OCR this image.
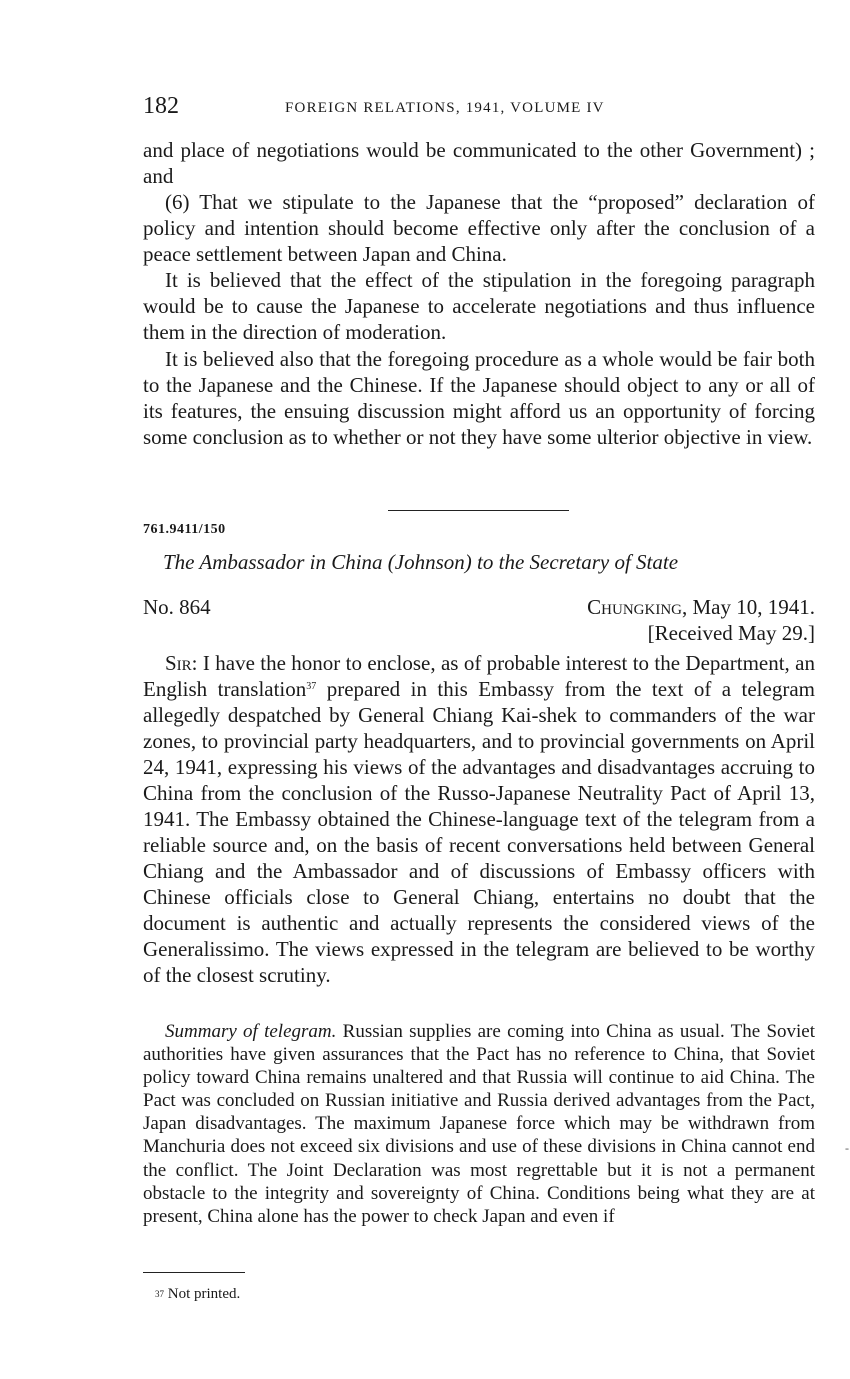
182	FOREIGN RELATIONS, 1941, VOLUME IV

and place of negotiations would be communicated to the other Government) ; and

(6) That we stipulate to the Japanese that the “proposed” declaration of policy and intention should become effective only after the conclusion of a peace settlement between Japan and China.

It is believed that the effect of the stipulation in the foregoing paragraph would be to cause the Japanese to accelerate negotiations and thus influence them in the direction of moderation.

It is believed also that the foregoing procedure as a whole would be fair both to the Japanese and the Chinese. If the Japanese should object to any or all of its features, the ensuing discussion might afford us an opportunity of forcing some conclusion as to whether or not they have some ulterior objective in view.

761.9411/150
The Ambassador in China (Johnson) to the Secretary of State
No. 864	Chungking, May 10, 1941.
[Received May 29.]

Sir: I have the honor to enclose, as of probable interest to the Department, an English translation$^{37}$ prepared in this Embassy from the text of a telegram allegedly despatched by General Chiang Kai-shek to commanders of the war zones, to provincial party headquarters, and to provincial governments on April 24, 1941, expressing his views of the advantages and disadvantages accruing to China from the conclusion of the Russo-Japanese Neutrality Pact of April 13, 1941. The Embassy obtained the Chinese-language text of the telegram from a reliable source and, on the basis of recent conversations held between General Chiang and the Ambassador and of discussions of Embassy officers with Chinese officials close to General Chiang, entertains no doubt that the document is authentic and actually represents the considered views of the Generalissimo. The views expressed in the telegram are believed to be worthy of the closest scrutiny.

Summary of telegram. Russian supplies are coming into China as usual. The Soviet authorities have given assurances that the Pact has no reference to China, that Soviet policy toward China remains unaltered and that Russia will continue to aid China. The Pact was concluded on Russian initiative and Russia derived advantages from the Pact, Japan disadvantages. The maximum Japanese force which may be withdrawn from Manchuria does not exceed six divisions and use of these divisions in China cannot end the conflict. The Joint Declaration was most regrettable but it is not a permanent obstacle to the integrity and sovereignty of China. Conditions being what they are at present, China alone has the power to check Japan and even if

$^{37}$ Not printed.
-
